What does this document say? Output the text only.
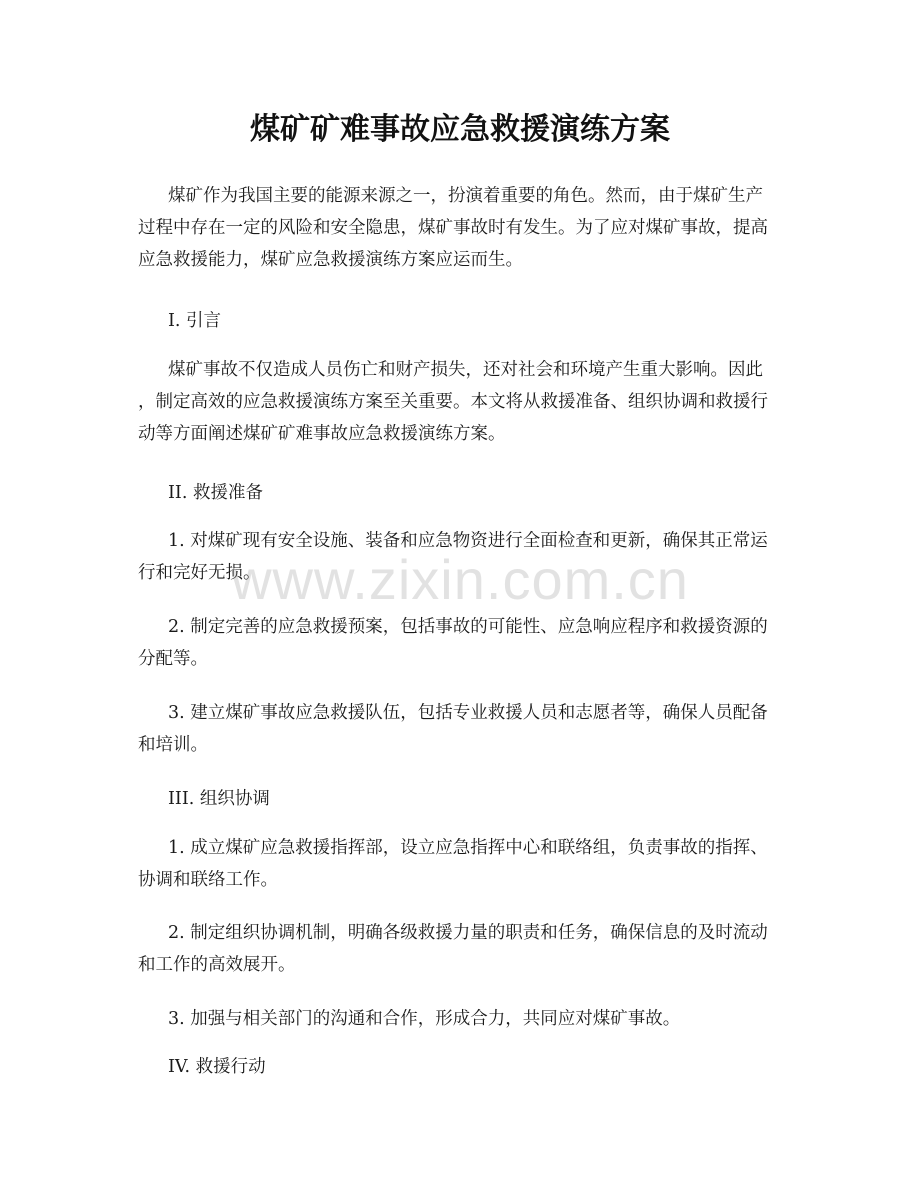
煤矿矿难事故应急救援演练方案
煤矿作为我国主要的能源来源之一，扮演着重要的角色。然而，由于煤矿生产
过程中存在一定的风险和安全隐患，煤矿事故时有发生。为了应对煤矿事故，提高
应急救援能力，煤矿应急救援演练方案应运而生。
I. 引言
煤矿事故不仅造成人员伤亡和财产损失，还对社会和环境产生重大影响。因此
，制定高效的应急救援演练方案至关重要。本文将从救援准备、组织协调和救援行
动等方面阐述煤矿矿难事故应急救援演练方案。
II. 救援准备
1. 对煤矿现有安全设施、装备和应急物资进行全面检查和更新，确保其正常运
行和完好无损。
2. 制定完善的应急救援预案，包括事故的可能性、应急响应程序和救援资源的
分配等。
3. 建立煤矿事故应急救援队伍，包括专业救援人员和志愿者等，确保人员配备
和培训。
III. 组织协调
1. 成立煤矿应急救援指挥部，设立应急指挥中心和联络组，负责事故的指挥、
协调和联络工作。
2. 制定组织协调机制，明确各级救援力量的职责和任务，确保信息的及时流动
和工作的高效展开。
3. 加强与相关部门的沟通和合作，形成合力，共同应对煤矿事故。
IV. 救援行动
www.zixin.com.cn
